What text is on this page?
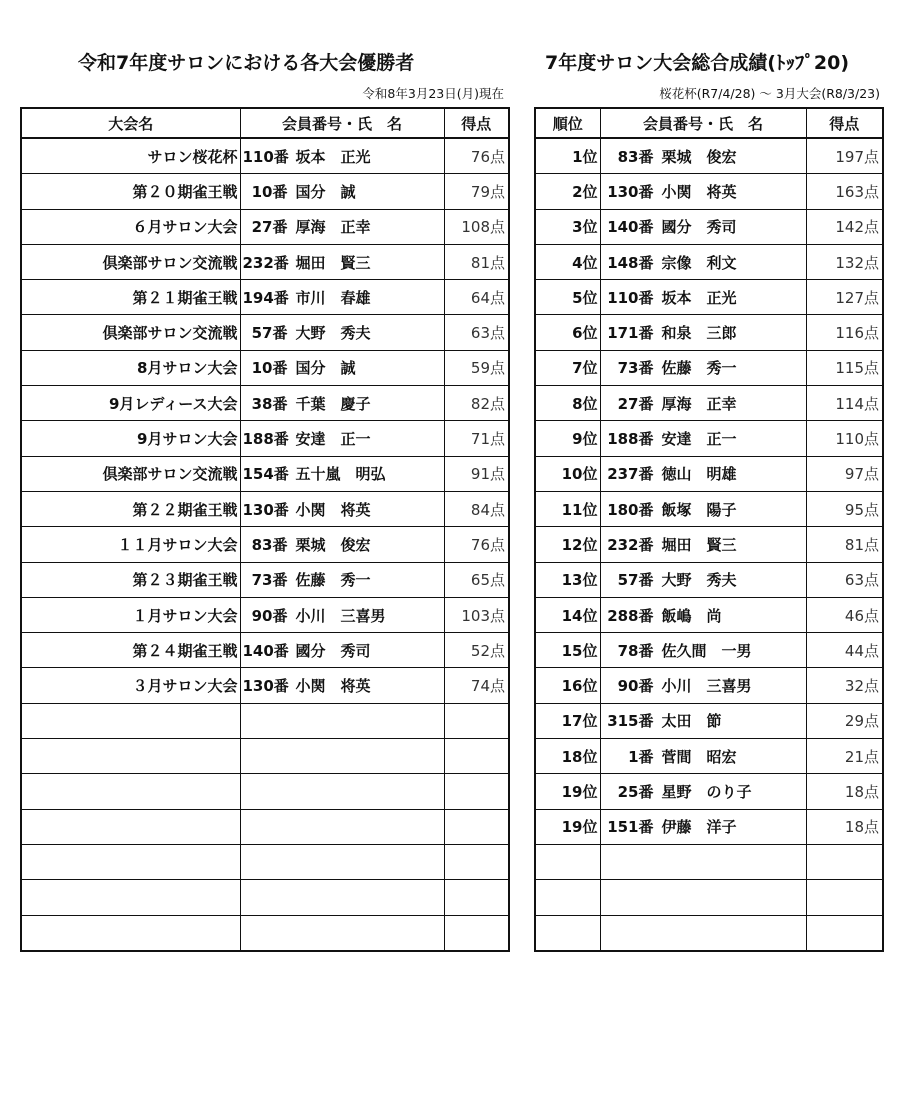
令和7年度サロンにおける各大会優勝者
令和8年3月23日(月)現在
7年度サロン大会総合成績(ﾄｯﾌﾟ20)
桜花杯(R7/4/28) ～ 3月大会(R8/3/23)
大会名	会員番号・氏　名	得点
サロン桜花杯	110番 坂本　正光	76点
第２０期雀王戦	10番 国分　誠	79点
６月サロン大会	27番 厚海　正幸	108点
倶楽部サロン交流戦	232番 堀田　賢三	81点
第２１期雀王戦	194番 市川　春雄	64点
倶楽部サロン交流戦	57番 大野　秀夫	63点
8月サロン大会	10番 国分　誠	59点
9月レディース大会	38番 千葉　慶子	82点
9月サロン大会	188番 安達　正一	71点
倶楽部サロン交流戦	154番 五十嵐　明弘	91点
第２２期雀王戦	130番 小関　将英	84点
１１月サロン大会	83番 栗城　俊宏	76点
第２３期雀王戦	73番 佐藤　秀一	65点
１月サロン大会	90番 小川　三喜男	103点
第２４期雀王戦	140番 國分　秀司	52点
３月サロン大会	130番 小関　将英	74点

順位	会員番号・氏　名	得点
1位	83番 栗城　俊宏	197点
2位	130番 小関　将英	163点
3位	140番 國分　秀司	142点
4位	148番 宗像　利文	132点
5位	110番 坂本　正光	127点
6位	171番 和泉　三郎	116点
7位	73番 佐藤　秀一	115点
8位	27番 厚海　正幸	114点
9位	188番 安達　正一	110点
10位	237番 徳山　明雄	97点
11位	180番 飯塚　陽子	95点
12位	232番 堀田　賢三	81点
13位	57番 大野　秀夫	63点
14位	288番 飯嶋　尚	46点
15位	78番 佐久間　一男	44点
16位	90番 小川　三喜男	32点
17位	315番 太田　節	29点
18位	1番 菅間　昭宏	21点
19位	25番 星野　のり子	18点
19位	151番 伊藤　洋子	18点
